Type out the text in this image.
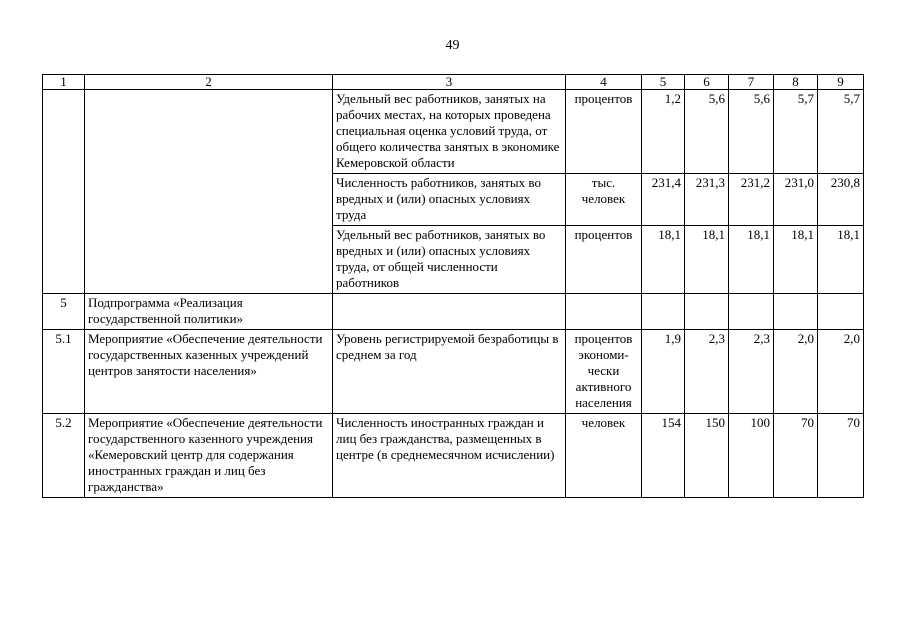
49
1	2	3	4	5	6	7	8	9
		Удельный вес работников, занятых на рабочих местах, на которых проведена специальная оценка условий труда, от общего количества занятых в экономике Кемеровской области	процентов	1,2	5,6	5,6	5,7	5,7
		Численность работников, занятых во вредных и (или) опасных условиях труда	тыс. человек	231,4	231,3	231,2	231,0	230,8
		Удельный вес работников, занятых во вредных и (или) опасных условиях труда, от общей численности работников	процентов	18,1	18,1	18,1	18,1	18,1
5	Подпрограмма «Реализация государственной политики»							
5.1	Мероприятие «Обеспечение деятельности государственных казенных учреждений центров занятости населения»	Уровень регистрируемой безработицы в среднем за год	процентов экономи-чески активного населения	1,9	2,3	2,3	2,0	2,0
5.2	Мероприятие «Обеспечение деятельности государственного казенного учреждения «Кемеровский центр для содержания иностранных граждан и лиц без гражданства»	Численность иностранных граждан и лиц без гражданства, размещенных в центре (в среднемесячном исчислении)	человек	154	150	100	70	70
